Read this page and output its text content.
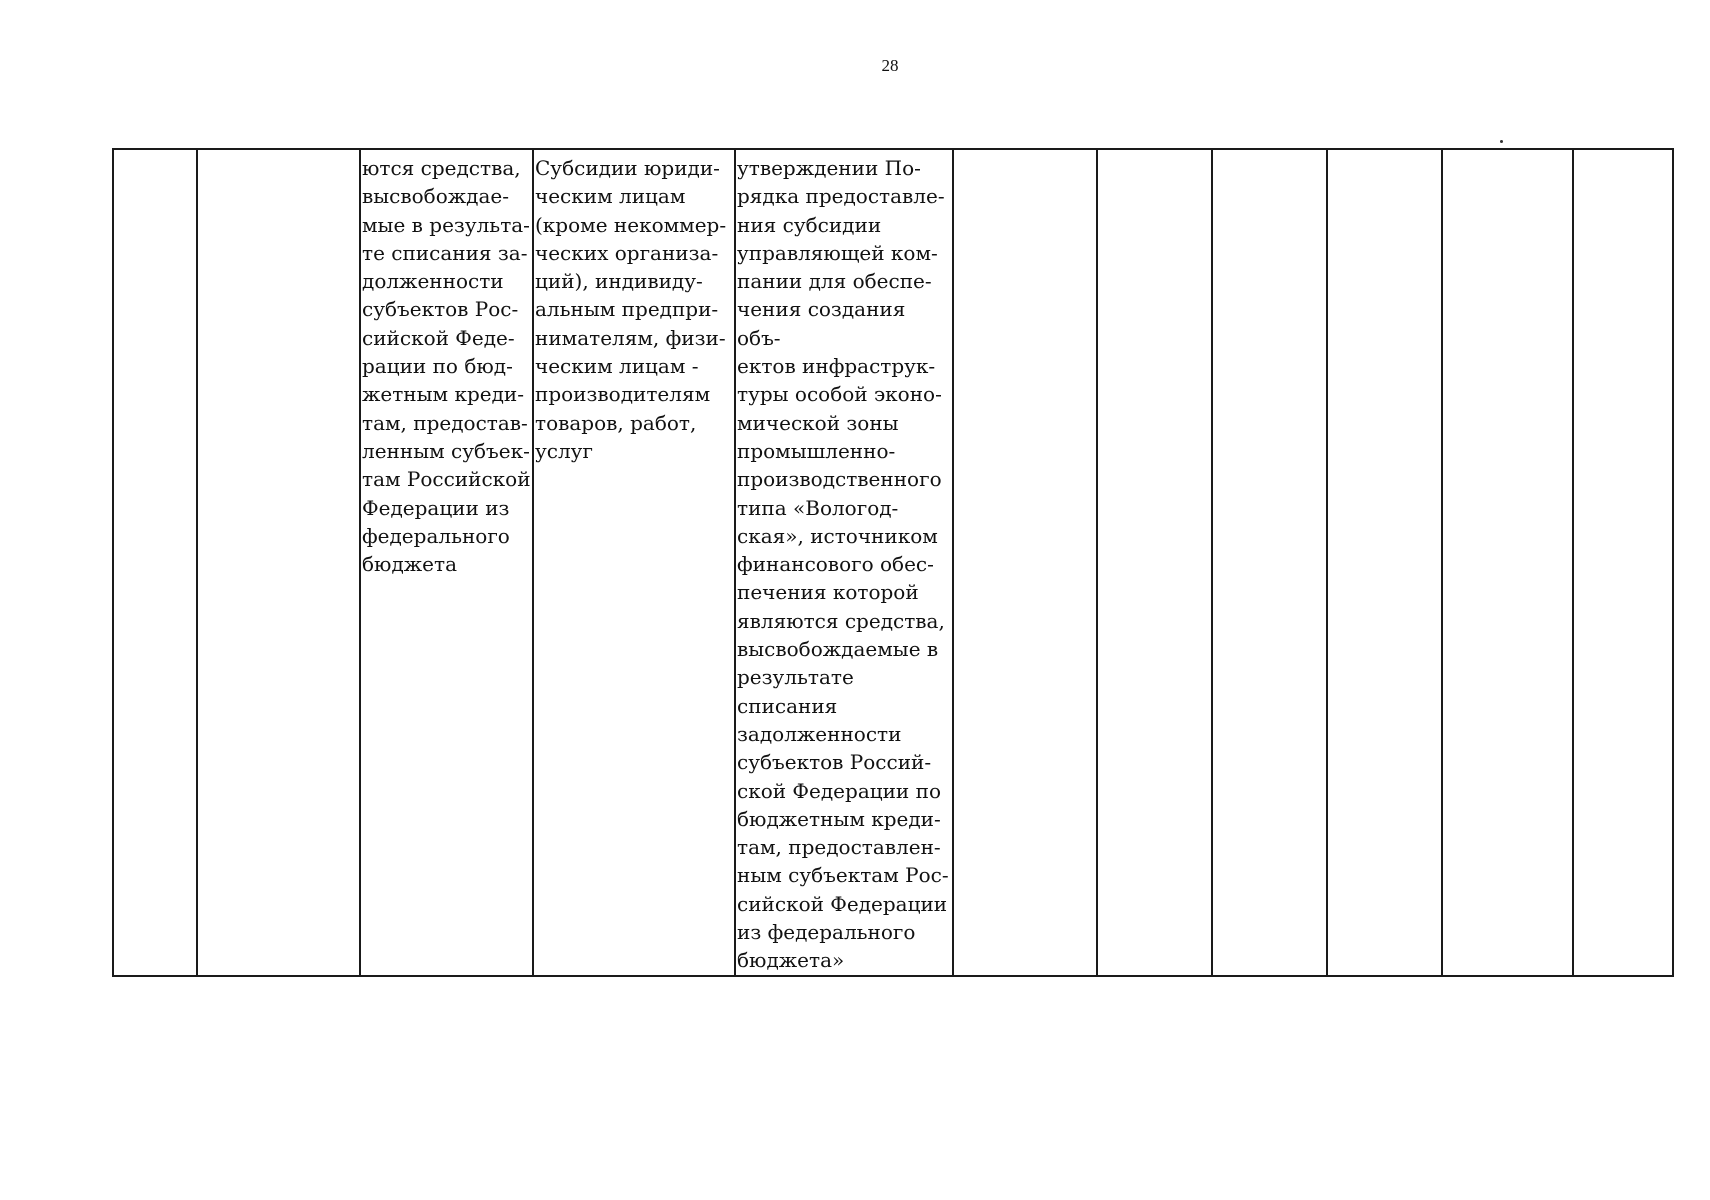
28
		ются средства,
высвобождае-
мые в результа-
те списания за-
долженности
субъектов Рос-
сийской Феде-
рации по бюд-
жетным креди-
там, предостав-
ленным субъек-
там Российской
Федерации из
федерального
бюджета	Субсидии юриди-
ческим лицам
(кроме некоммер-
ческих организа-
ций), индивиду-
альным предпри-
нимателям, физи-
ческим лицам -
производителям
товаров, работ,
услуг	утверждении По-
рядка предоставле-
ния субсидии
управляющей ком-
пании для обеспе-
чения создания объ-
ектов инфраструк-
туры особой эконо-
мической зоны
промышленно-
производственного
типа «Вологод-
ская», источником
финансового обес-
печения которой
являются средства,
высвобождаемые в
результате списания
задолженности
субъектов Россий-
ской Федерации по
бюджетным креди-
там, предоставлен-
ным субъектам Рос-
сийской Федерации
из федерального
бюджета»						
